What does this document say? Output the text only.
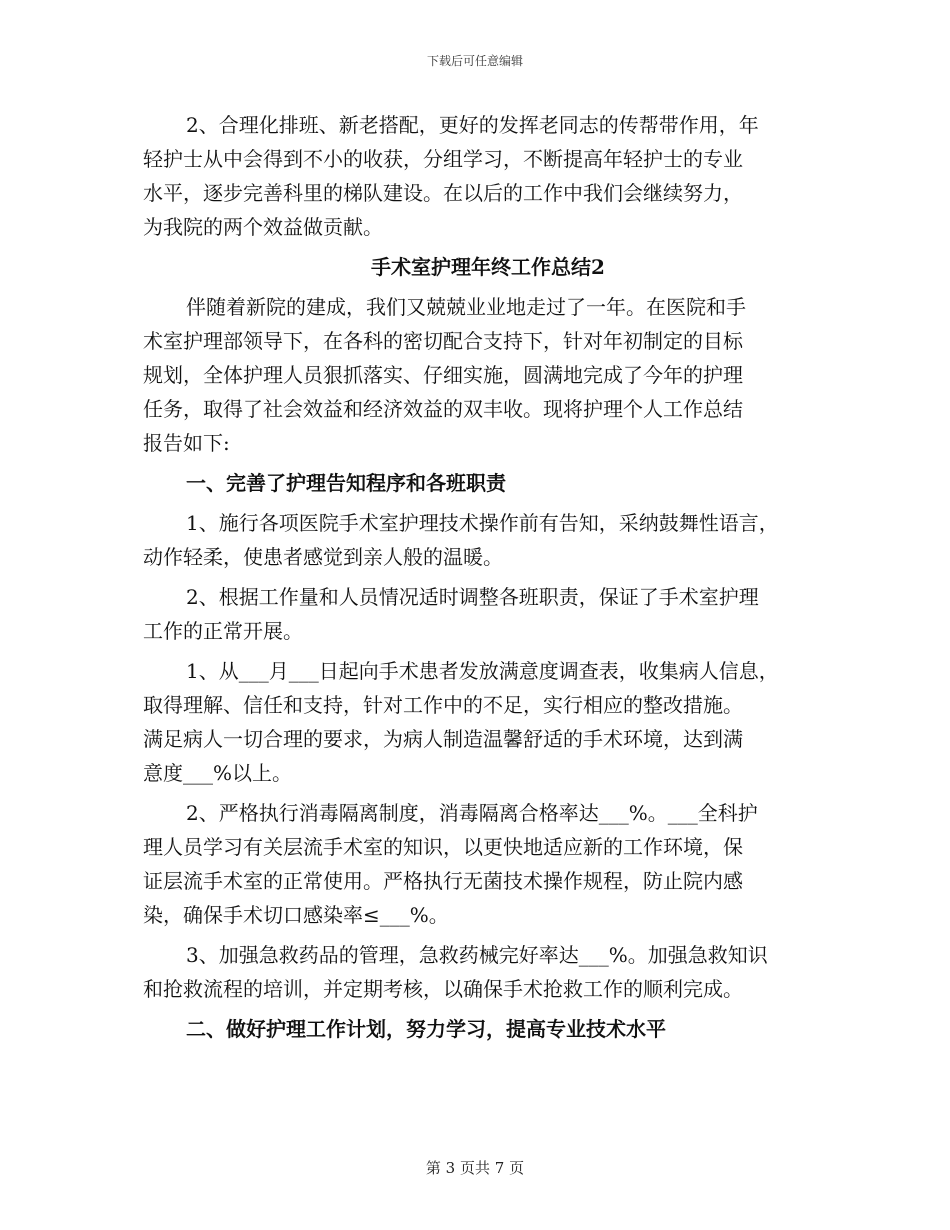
下载后可任意编辑
2、合理化排班、新老搭配，更好的发挥老同志的传帮带作用，年
轻护士从中会得到不小的收获，分组学习，不断提高年轻护士的专业
水平，逐步完善科里的梯队建设。在以后的工作中我们会继续努力，
为我院的两个效益做贡献。
手术室护理年终工作总结2
伴随着新院的建成，我们又兢兢业业地走过了一年。在医院和手
术室护理部领导下，在各科的密切配合支持下，针对年初制定的目标
规划，全体护理人员狠抓落实、仔细实施，圆满地完成了今年的护理
任务，取得了社会效益和经济效益的双丰收。现将护理个人工作总结
报告如下:
一、完善了护理告知程序和各班职责
1、施行各项医院手术室护理技术操作前有告知，采纳鼓舞性语言，
动作轻柔，使患者感觉到亲人般的温暖。
2、根据工作量和人员情况适时调整各班职责，保证了手术室护理
工作的正常开展。
1、从___月___日起向手术患者发放满意度调查表，收集病人信息，
取得理解、信任和支持，针对工作中的不足，实行相应的整改措施。
满足病人一切合理的要求，为病人制造温馨舒适的手术环境，达到满
意度___%以上。
2、严格执行消毒隔离制度，消毒隔离合格率达___%。___全科护
理人员学习有关层流手术室的知识，以更快地适应新的工作环境，保
证层流手术室的正常使用。严格执行无菌技术操作规程，防止院内感
染，确保手术切口感染率≤___%。
3、加强急救药品的管理，急救药械完好率达___%。加强急救知识
和抢救流程的培训，并定期考核，以确保手术抢救工作的顺利完成。
二、做好护理工作计划，努力学习，提高专业技术水平
第 3 页共 7 页
